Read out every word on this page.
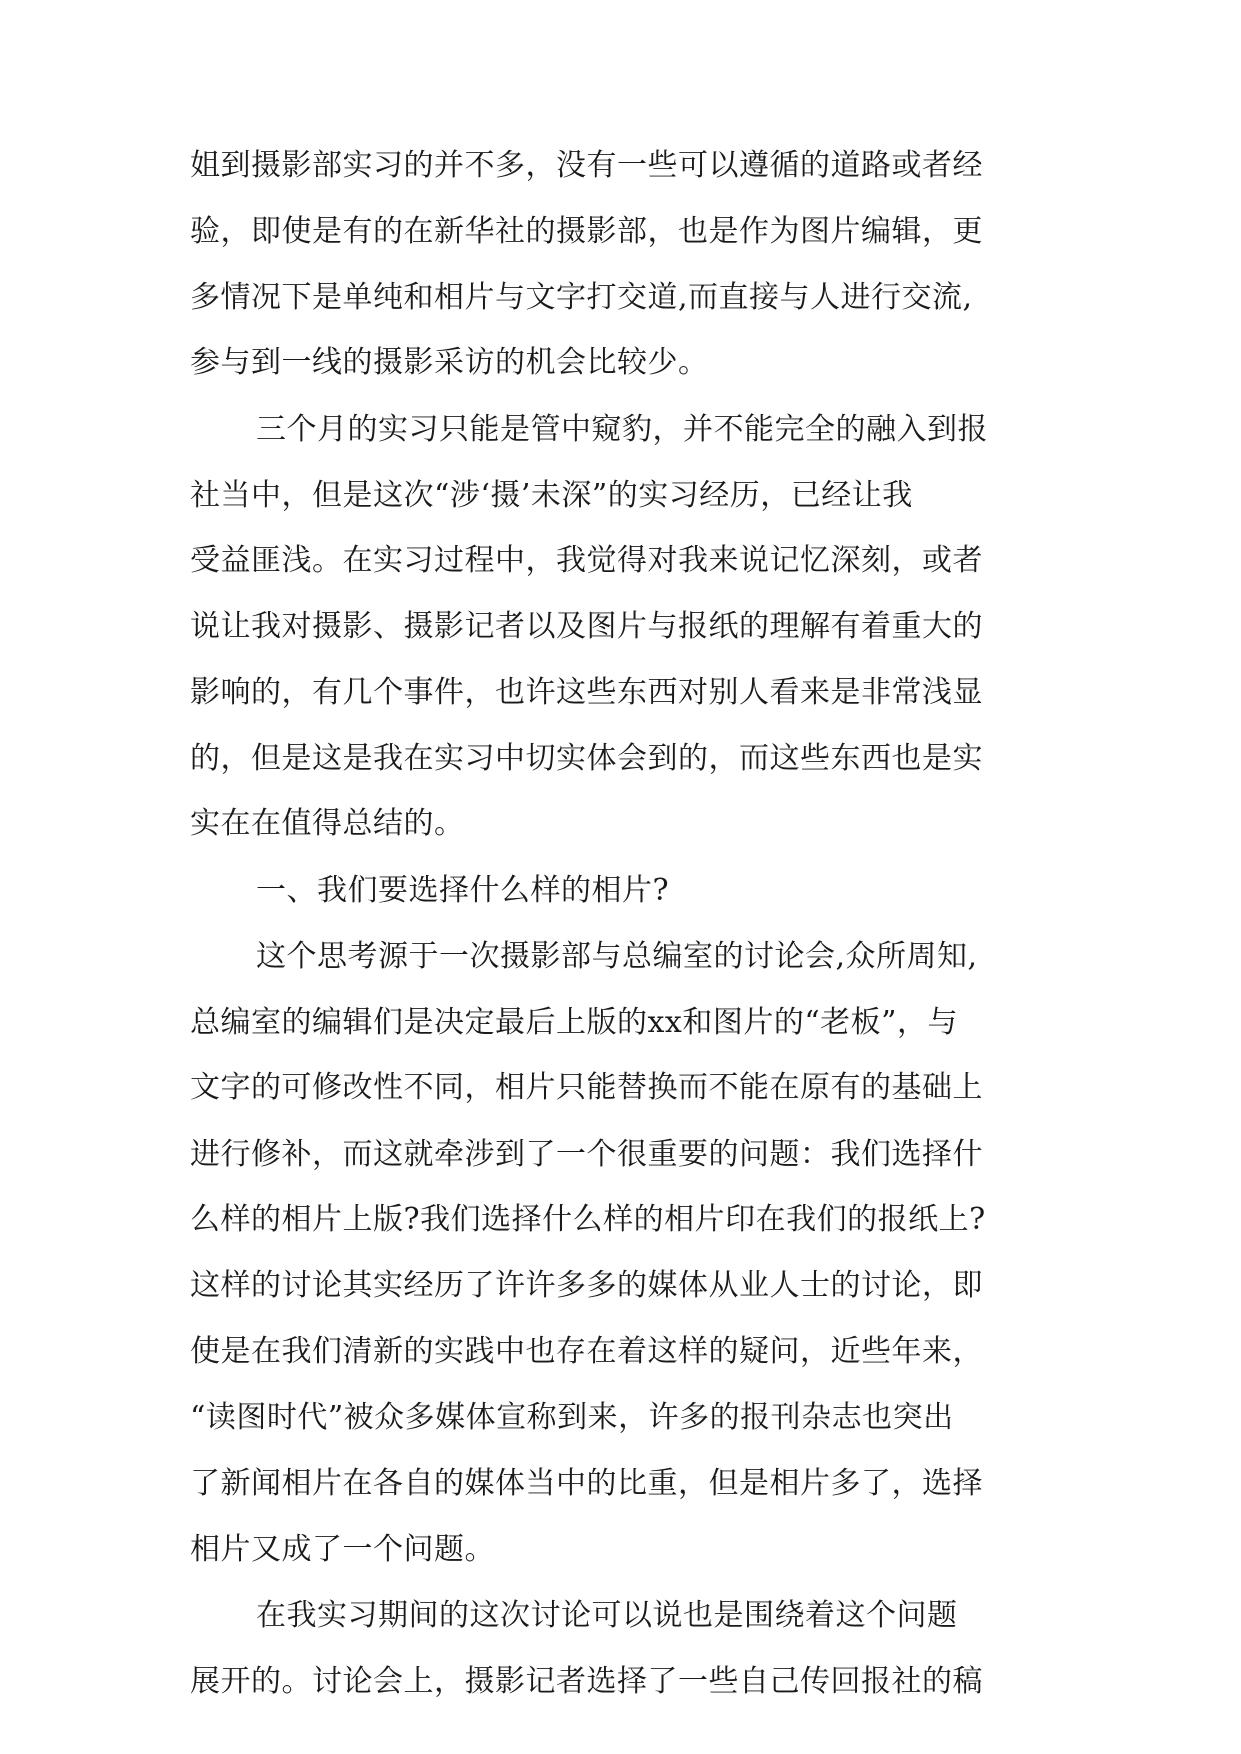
姐到摄影部实习的并不多，没有一些可以遵循的道路或者经
验，即使是有的在新华社的摄影部，也是作为图片编辑，更
多情况下是单纯和相片与文字打交道,而直接与人进行交流,
参与到一线的摄影采访的机会比较少。
三个月的实习只能是管中窥豹，并不能完全的融入到报
社当中，但是这次“涉‘摄’未深”的实习经历，已经让我
受益匪浅。在实习过程中，我觉得对我来说记忆深刻，或者
说让我对摄影、摄影记者以及图片与报纸的理解有着重大的
影响的，有几个事件，也许这些东西对别人看来是非常浅显
的，但是这是我在实习中切实体会到的，而这些东西也是实
实在在值得总结的。
一、我们要选择什么样的相片?
这个思考源于一次摄影部与总编室的讨论会,众所周知,
总编室的编辑们是决定最后上版的xx和图片的“老板”，与
文字的可修改性不同，相片只能替换而不能在原有的基础上
进行修补，而这就牵涉到了一个很重要的问题：我们选择什
么样的相片上版?我们选择什么样的相片印在我们的报纸上?
这样的讨论其实经历了许许多多的媒体从业人士的讨论，即
使是在我们清新的实践中也存在着这样的疑问，近些年来，
“读图时代”被众多媒体宣称到来，许多的报刊杂志也突出
了新闻相片在各自的媒体当中的比重，但是相片多了，选择
相片又成了一个问题。
在我实习期间的这次讨论可以说也是围绕着这个问题
展开的。讨论会上，摄影记者选择了一些自己传回报社的稿
